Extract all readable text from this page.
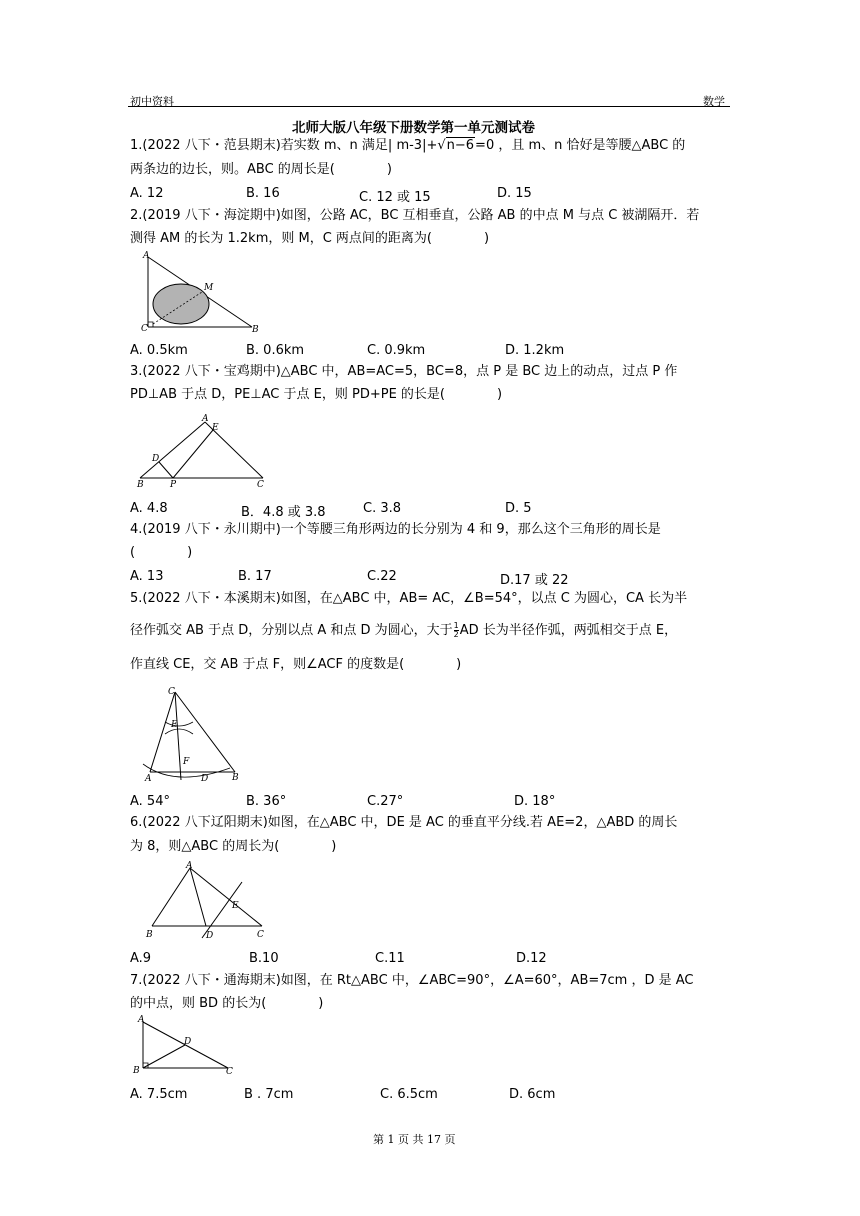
初中资料	数学
北师大版八年级下册数学第一单元测试卷
1.(2022 八下・范县期末)若实数 m、n 满足| m-3|+√n−6=0 ，且 m、n 恰好是等腰△ABC 的
两条边的边长，则。ABC 的周长是(　　　　)
A. 12	B. 16	C. 12 或 15	D. 15
2.(2019 八下・海淀期中)如图，公路 AC，BC 互相垂直，公路 AB 的中点 M 与点 C 被湖隔开．若
测得 AM 的长为 1.2km，则 M，C 两点间的距离为(　　　　)
A
M
C	B
A. 0.5km	B. 0.6km	C. 0.9km	D. 1.2km
3.(2022 八下・宝鸡期中)△ABC 中，AB=AC=5，BC=8，点 P 是 BC 边上的动点，过点 P 作
PD⊥AB 于点 D，PE⊥AC 于点 E，则 PD+PE 的长是(　　　　)
A
E
D
B	P	C
A. 4.8	B．4.8 或 3.8	C. 3.8	D. 5
4.(2019 八下・永川期中)一个等腰三角形两边的长分别为 4 和 9，那么这个三角形的周长是
(　　　　)
A. 13	B. 17	C.22	D.17 或 22
5.(2022 八下・本溪期末)如图，在△ABC 中，AB= AC，∠B=54°，以点 C 为圆心，CA 长为半
径作弧交 AB 于点 D，分别以点 A 和点 D 为圆心，大于 $\frac{1}{2}$ AD 长为半径作弧，两弧相交于点 E，
作直线 CE，交 AB 于点 F，则∠ACF 的度数是(　　　　)
C
E
F
A	D	B
A. 54°	B. 36°	C.27°	D. 18°
6.(2022 八下辽阳期末)如图，在△ABC 中，DE 是 AC 的垂直平分线.若 AE=2，△ABD 的周长
为 8，则△ABC 的周长为(　　　　)
A
E
B	D	C
A.9	B.10	C.11	D.12
7.(2022 八下・通海期末)如图，在 Rt△ABC 中，∠ABC=90°，∠A=60°，AB=7cm ，D 是 AC
的中点，则 BD 的长为(　　　　)
A
D
B	C
A. 7.5cm	B . 7cm	C. 6.5cm	D. 6cm
第 1 页 共 17 页
